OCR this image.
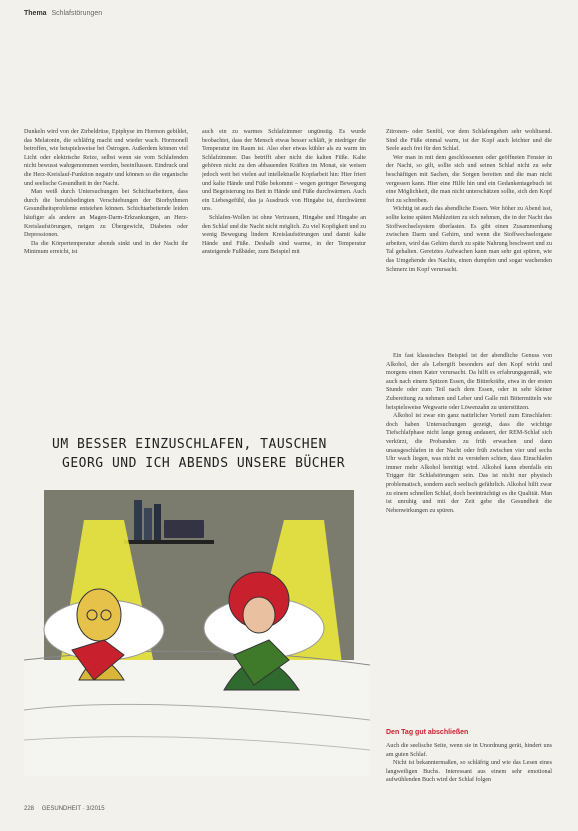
Thema Schlafstörungen

Dunkeln wird von der Zirbeldrüse, Epiphyse im Hormon gebildet, das Melatonin, die schläfrig macht und wieder wach. Hormonell betroffen, wie beispielsweise bei Östrogen. Außerdem können viel Licht oder elektrische Reize, selbst wenn sie vom Schlafenden nicht bewusst wahrgenommen werden, beeinflussen. Eindruck und die Herz-Kreislauf-Funktion negativ und können so die organische und seelische Gesundheit in der Nacht.

Man weiß durch Untersuchungen bei Schichtarbeitern, dass durch die berufsbedingten Verschiebungen der Biorhythmen Gesundheitsprobleme entstehen können. Schichtarbeitende leiden häufiger als andere an Magen-Darm-Erkrankungen, an Herz-Kreislaufstörungen, neigen zu Übergewicht, Diabetes oder Depressionen.

Da die Körpertemperatur abends sinkt und in der Nacht ihr Minimum erreicht, ist

auch ein zu warmes Schlafzimmer ungünstig. Es wurde beobachtet, dass der Mensch etwas besser schläft, je niedriger die Temperatur im Raum ist. Also eher etwas kühler als zu warm im Schlafzimmer. Das betrifft aber nicht die kalten Füße. Kalte gehören nicht zu den abbauenden Kräften im Monat, sie weisen jedoch weit bei vielen auf intellektuelle Kopfarbeit hin: Hier friert und kalte Hände und Füße bekommt – wegen geringer Bewegung und Begeisterung ins Bett in Hände und Füße durchwärmen. Auch ein Liebesgefühl, das ja Ausdruck von Hingabe ist, durchwärmt uns.

Schlafen-Wollen ist ohne Vertrauen, Hingabe und Hingabe an den Schlaf und die Nacht nicht möglich. Zu viel Kopfigkeit und zu wenig Bewegung lindern Kreislaufstörungen und damit kalte Hände und Füße. Deshalb sind warme, in der Temperatur ansteigende Fußbäder, zum Beispiel mit

Zitronen- oder Senföl, vor dem Schlafengehen sehr wohltuend. Sind die Füße einmal warm, ist der Kopf auch leichter und die Seele auch frei für den Schlaf.

Wer man in mit dem geschlossenen oder geöffneten Fenster in der Nacht, so gilt, sollte sich und seinen Schlaf nicht zu sehr beschäftigen mit Sachen, die Sorgen bereiten und die man nicht vergessen kann. Hier eine Hilfe hin und ein Gedankentagebuch ist eine Möglichkeit, die man nicht unterschätzen sollte, sich den Kopf frei zu schreiben.

Wichtig ist auch das abendliche Essen. Wer höher zu Abend isst, sollte keine späten Mahlzeiten zu sich nehmen, die in der Nacht das Stoffwechselsystem überlasten. Es gibt einen Zusammenhang zwischen Darm und Gehirn, und wenn die Stoffwechselorgane arbeiten, wird das Gehirn durch zu späte Nahrung beschwert und zu Tal gehalten. Gereiztes Aufwachen kann man sehr gut spüren, wie das Umgehende des Nachts, einen dumpfen und sogar wachenden Schmerz im Kopf verursacht.

Ein fast klassisches Beispiel ist der abendliche Genuss von Alkohol, der als Lebergift besonders auf den Kopf wirkt und morgens einen Kater verursacht. Da hilft es erfahrungsgemäß, wie auch nach einem Spitzen Essen, die Bitterkräfte, etwa in der ersten Stunde oder zum Teil nach dem Essen, oder in sehr kleiner Zubereitung zu nehmen und Leber und Galle mit Bittermitteln wie beispielsweise Wegwarte oder Löwenzahn zu unterstützen.

Alkohol ist zwar ein ganz natürlicher Vorteil zum Einschlafen: doch haben Untersuchungen gezeigt, dass die wichtige Tiefschlafphase nicht lange genug andauert, der REM-Schlaf sich verkürzt, die Probanden zu früh erwachen und dann unausgeschlafen in der Nacht oder früh zwischen vier und sechs Uhr wach liegen, was nicht zu verstehen schien, dass Einschlafen immer mehr Alkohol benötigt wird. Alkohol kann ebenfalls ein Trigger für Schlafstörungen sein. Das ist nicht nur physisch problematisch, sondern auch seelisch gefährlich. Alkohol hilft zwar zu einem schnellen Schlaf, doch beeinträchtigt es die Qualität. Man ist unruhig und mit der Zeit gebe die Gesundheit die Nebenwirkungen zu spüren.

Den Tag gut abschließen

Auch die seelische Seite, wenn sie in Unordnung gerät, hindert uns am guten Schlaf.

Nicht ist bekanntermaßen, so schläfrig und wie das Lesen eines langweiligen Buchs. Interessant aus einem sehr emotional aufwühlenden Buch wird der Schlaf folgen

UM BESSER EINZUSCHLAFEN, TAUSCHEN
GEORG UND ICH ABENDS UNSERE BÜCHER
228 GESUNDHEIT · 3/2015
